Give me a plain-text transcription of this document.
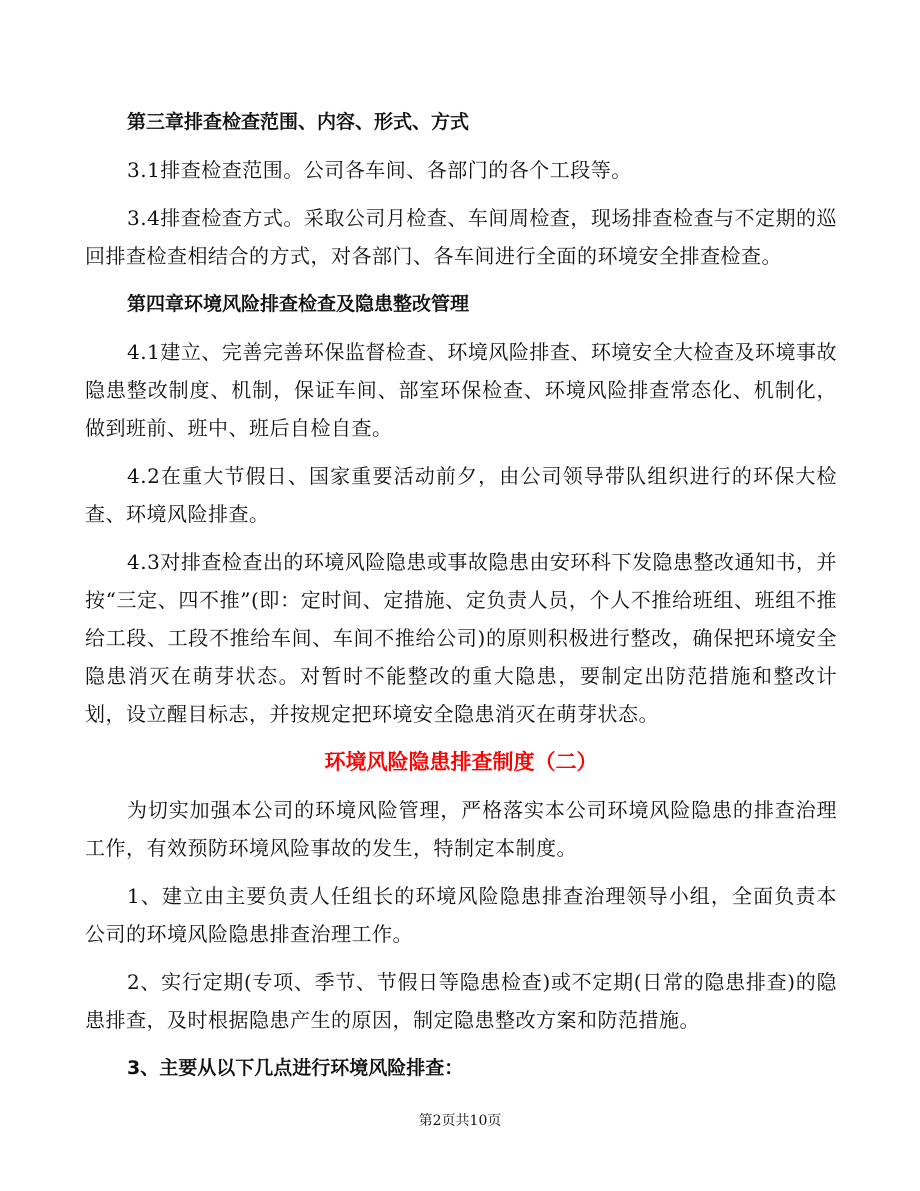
第三章排查检查范围、内容、形式、方式

3.1排查检查范围。公司各车间、各部门的各个工段等。

3.4排查检查方式。采取公司月检查、车间周检查，现场排查检查与不定期的巡回排查检查相结合的方式，对各部门、各车间进行全面的环境安全排查检查。

第四章环境风险排查检查及隐患整改管理

4.1建立、完善完善环保监督检查、环境风险排查、环境安全大检查及环境事故隐患整改制度、机制，保证车间、部室环保检查、环境风险排查常态化、机制化，做到班前、班中、班后自检自查。

4.2在重大节假日、国家重要活动前夕，由公司领导带队组织进行的环保大检查、环境风险排查。

4.3对排查检查出的环境风险隐患或事故隐患由安环科下发隐患整改通知书，并按“三定、四不推”(即：定时间、定措施、定负责人员，个人不推给班组、班组不推给工段、工段不推给车间、车间不推给公司)的原则积极进行整改，确保把环境安全隐患消灭在萌芽状态。对暂时不能整改的重大隐患，要制定出防范措施和整改计划，设立醒目标志，并按规定把环境安全隐患消灭在萌芽状态。

环境风险隐患排查制度（二）

为切实加强本公司的环境风险管理，严格落实本公司环境风险隐患的排查治理工作，有效预防环境风险事故的发生，特制定本制度。

1、建立由主要负责人任组长的环境风险隐患排查治理领导小组，全面负责本公司的环境风险隐患排查治理工作。

2、实行定期(专项、季节、节假日等隐患检查)或不定期(日常的隐患排查)的隐患排查，及时根据隐患产生的原因，制定隐患整改方案和防范措施。

3、主要从以下几点进行环境风险排查：
第2页共10页
